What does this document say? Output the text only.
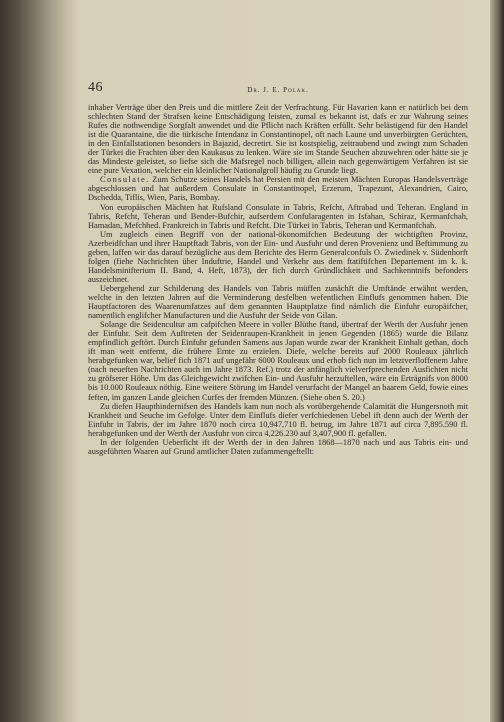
46	Dr. J. E. Polak.

inhaber Verträge über den Preis und die mittlere Zeit der Verfrachtung. Für Havarien kann er natürlich bei dem schlechten Stand der Strafsen keine Entschädigung leisten, zumal es bekannt ist, dafs er zur Wahrung seines Rufes die nothwendige Sorgfalt anwendet und die Pflicht nach Kräften erfüllt. Sehr belästigend für den Handel ist die Quarantaine, die die türkische Intendanz in Constantinopel, oft nach Laune und unverbürgten Gerüchten, in den Einfallstationen besonders in Bajazid, decretirt. Sie ist kostspielig, zeitraubend und zwingt zum Schaden der Türkei die Frachten über den Kaukasus zu lenken. Wäre sie im Stande Seuchen abzuwehren oder hätte sie je das Mindeste geleistet, so liefse sich die Mafsregel noch billigen, allein nach gegenwärtigem Verfahren ist sie eine pure Vexation, welcher ein kleinlicher Nationalgroll häufig zu Grunde liegt.

Consulate. Zum Schutze seines Handels hat Persien mit den meisten Mächten Europas Handelsverträge abgeschlossen und hat außerdem Consulate in Constantinopel, Erzerum, Trapezunt, Alexandrien, Cairo, Dschedda, Tiflis, Wien, Paris, Bombay.

Von europäischen Mächten hat Rufsland Consulate in Tabris, Refcht, Aftrabad und Teheran. England in Tabris, Refcht, Teheran und Bender-Bufchir, aufserdem Confularagenten in Isfahan, Schiraz, Kermanfchah, Hamadan, Mefchhed. Frankreich in Tabris und Refcht. Die Türkei in Tabris, Teheran und Kermanfchah.

Um zugleich einen Begriff von der national-ökonomifchen Bedeutung der wichtigften Provinz, Azerbeidfchan und ihrer Hauptftadt Tabris, von der Ein- und Ausfuhr und deren Provenienz und Beftimmung zu geben, laffen wir das darauf bezügliche aus dem Berichte des Herrn Generalconfuls O. Zwiedinek v. Südenhorft folgen (fiehe Nachrichten über Induftrie, Handel und Verkehr aus dem ftatiftifchen Departement im k. k. Handelsminifterium II. Band, 4. Heft, 1873), der fich durch Gründlichkeit und Sachkenntnifs befonders auszeichnet.

Uebergehend zur Schilderung des Handels von Tabris müffen zunächft die Umftände erwähnt werden, welche in den letzten Jahren auf die Verminderung desfelben wefentlichen Einflufs genommen haben. Die Hauptfactoren des Waarenumfatzes auf dem genannten Hauptplatze find nämlich die Einfuhr europäifcher, namentlich englifcher Manufacturen und die Ausfuhr der Seide von Gilan.

Solange die Seidencultur am cafpifchen Meere in voller Blüthe ftand, übertraf der Werth der Ausfuhr jenen der Einfuhr. Seit dem Auftreten der Seidenraupen-Krankheit in jenen Gegenden (1865) wurde die Bilanz empfindlich geftört. Durch Einfuhr gefunden Samens aus Japan wurde zwar der Krankheit Einhalt gethan, doch ift man weit entfernt, die frühere Ernte zu erzielen. Diefe, welche bereits auf 2000 Rouleaux jährlich herabgefunken war, belief fich 1871 auf ungefähr 6000 Rouleaux und erhob fich nun im letztverfloffenem Jahre (nach neueften Nachrichten auch im Jahre 1873. Ref.) trotz der anfänglich vielverfprechenden Ausfichten nicht zu gröfserer Höhe. Um das Gleichgewicht zwifchen Ein- und Ausfuhr herzuftellen, wäre ein Erträgnifs von 8000 bis 10.000 Rouleaux nöthig. Eine weitere Störung im Handel verurfacht der Mangel an baarem Geld, fowie eines feften, im ganzen Lande gleichen Curfes der fremden Münzen. (Siehe oben S. 20.)

Zu diefen Haupthindernifsen des Handels kam nun noch als vorübergehende Calamität die Hungersnoth mit Krankheit und Seuche im Gefolge. Unter dem Einflufs diefer verfchiedenen Uebel ift denn auch der Werth der Einfuhr in Tabris, der im Jahre 1870 noch circa 10,947,710 fl. betrug, im Jahre 1871 auf circa 7,895.590 fl. herabgefunken und der Werth der Ausfuhr von circa 4,226.230 auf 3,407,900 fl. gefallen.

In der folgenden Ueberficht ift der Werth der in den Jahren 1868—1870 nach und aus Tabris ein- und ausgeführten Waaren auf Grund amtlicher Daten zufammengeftellt:
